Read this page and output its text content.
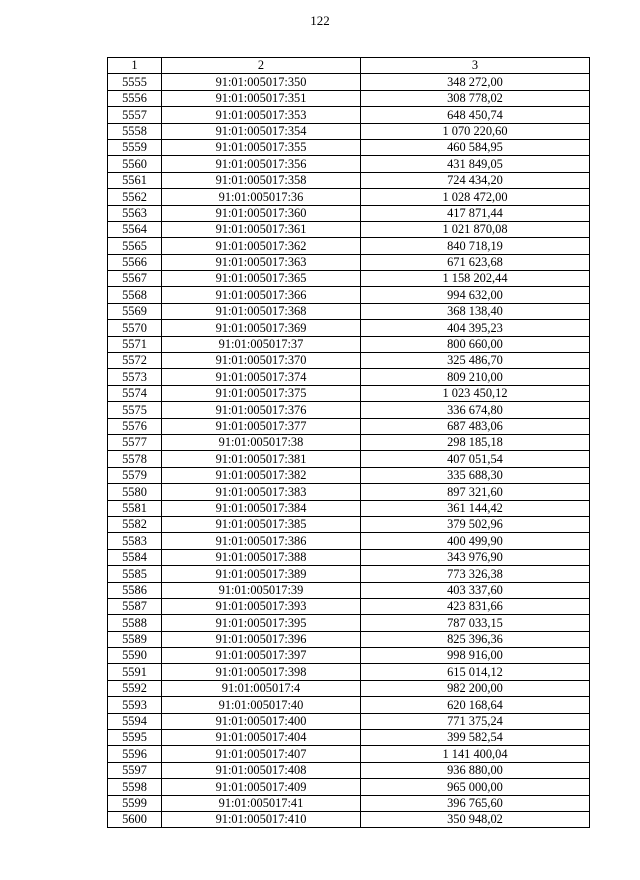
122
1	2	3
5555	91:01:005017:350	348 272,00
5556	91:01:005017:351	308 778,02
5557	91:01:005017:353	648 450,74
5558	91:01:005017:354	1 070 220,60
5559	91:01:005017:355	460 584,95
5560	91:01:005017:356	431 849,05
5561	91:01:005017:358	724 434,20
5562	91:01:005017:36	1 028 472,00
5563	91:01:005017:360	417 871,44
5564	91:01:005017:361	1 021 870,08
5565	91:01:005017:362	840 718,19
5566	91:01:005017:363	671 623,68
5567	91:01:005017:365	1 158 202,44
5568	91:01:005017:366	994 632,00
5569	91:01:005017:368	368 138,40
5570	91:01:005017:369	404 395,23
5571	91:01:005017:37	800 660,00
5572	91:01:005017:370	325 486,70
5573	91:01:005017:374	809 210,00
5574	91:01:005017:375	1 023 450,12
5575	91:01:005017:376	336 674,80
5576	91:01:005017:377	687 483,06
5577	91:01:005017:38	298 185,18
5578	91:01:005017:381	407 051,54
5579	91:01:005017:382	335 688,30
5580	91:01:005017:383	897 321,60
5581	91:01:005017:384	361 144,42
5582	91:01:005017:385	379 502,96
5583	91:01:005017:386	400 499,90
5584	91:01:005017:388	343 976,90
5585	91:01:005017:389	773 326,38
5586	91:01:005017:39	403 337,60
5587	91:01:005017:393	423 831,66
5588	91:01:005017:395	787 033,15
5589	91:01:005017:396	825 396,36
5590	91:01:005017:397	998 916,00
5591	91:01:005017:398	615 014,12
5592	91:01:005017:4	982 200,00
5593	91:01:005017:40	620 168,64
5594	91:01:005017:400	771 375,24
5595	91:01:005017:404	399 582,54
5596	91:01:005017:407	1 141 400,04
5597	91:01:005017:408	936 880,00
5598	91:01:005017:409	965 000,00
5599	91:01:005017:41	396 765,60
5600	91:01:005017:410	350 948,02
